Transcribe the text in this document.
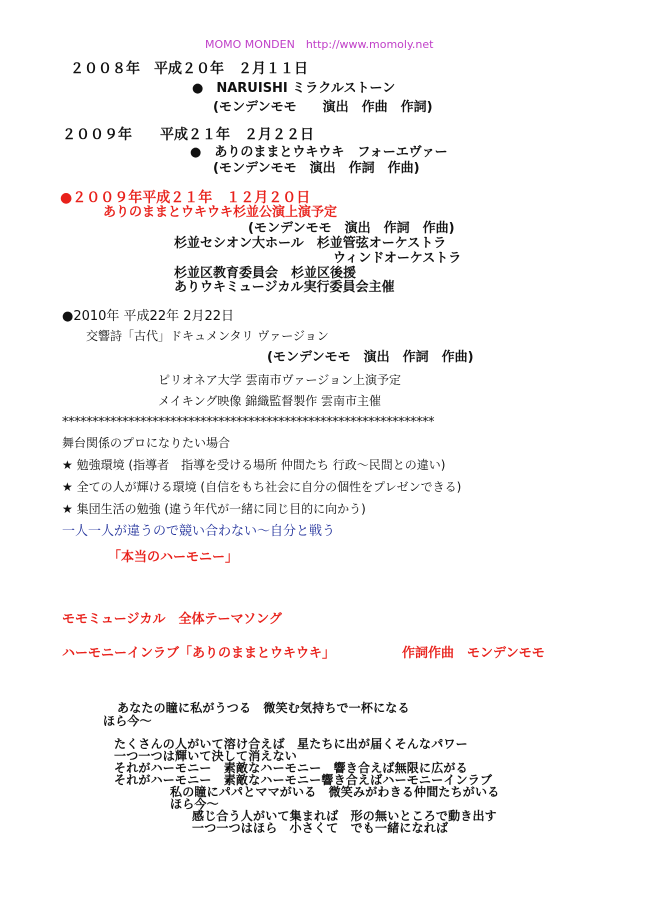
MOMO MONDEN　http://www.momoly.net
２００８年　平成２０年　２月１１日
●　NARUISHI ミラクルストーン
(モンデンモモ　　演出　作曲　作詞)
２００９年　　平成２１年　２月２２日
●　ありのままとウキウキ　フォーエヴァー
(モンデンモモ　演出　作詞　作曲)
●２００９年平成２１年　１２月２０日
ありのままとウキウキ杉並公演上演予定
(モンデンモモ　演出　作詞　作曲)
杉並セシオン大ホール　杉並管弦オーケストラ
ウィンドオーケストラ
杉並区教育委員会　杉並区後援
ありウキミュージカル実行委員会主催
●2010年 平成22年 2月22日
交響詩「古代」ドキュメンタリ ヴァージョン
(モンデンモモ　演出　作詞　作曲)
ピリオネア大学 雲南市ヴァージョン上演予定
メイキング映像 錦織監督製作 雲南市主催
**************************************************************
舞台関係のプロになりたい場合
★ 勉強環境 (指導者　指導を受ける場所 仲間たち 行政～民間との違い)
★ 全ての人が輝ける環境 (自信をもち社会に自分の個性をプレゼンできる)
★ 集団生活の勉強 (違う年代が一緒に同じ目的に向かう)
一人一人が違うので競い合わない～自分と戦う
「本当のハーモニー」
モモミュージカル　全体テーマソング
ハーモニーインラブ「ありのままとウキウキ」	作詞作曲　モンデンモモ
あなたの瞳に私がうつる　微笑む気持ちで一杯になる
ほら今～
たくさんの人がいて溶け合えば　星たちに出が届くそんなパワー
一つ一つは輝いて決して消えない
それがハーモニー　素敵なハーモニー　響き合えば無限に広がる
それがハーモニー　素敵なハーモニー響き合えばハーモニーインラブ
私の瞳にパパとママがいる　微笑みがわきる仲間たちがいる
ほら今～
感じ合う人がいて集まれば　形の無いところで動き出す
一つ一つはほら　小さくて　でも一緒になれば
